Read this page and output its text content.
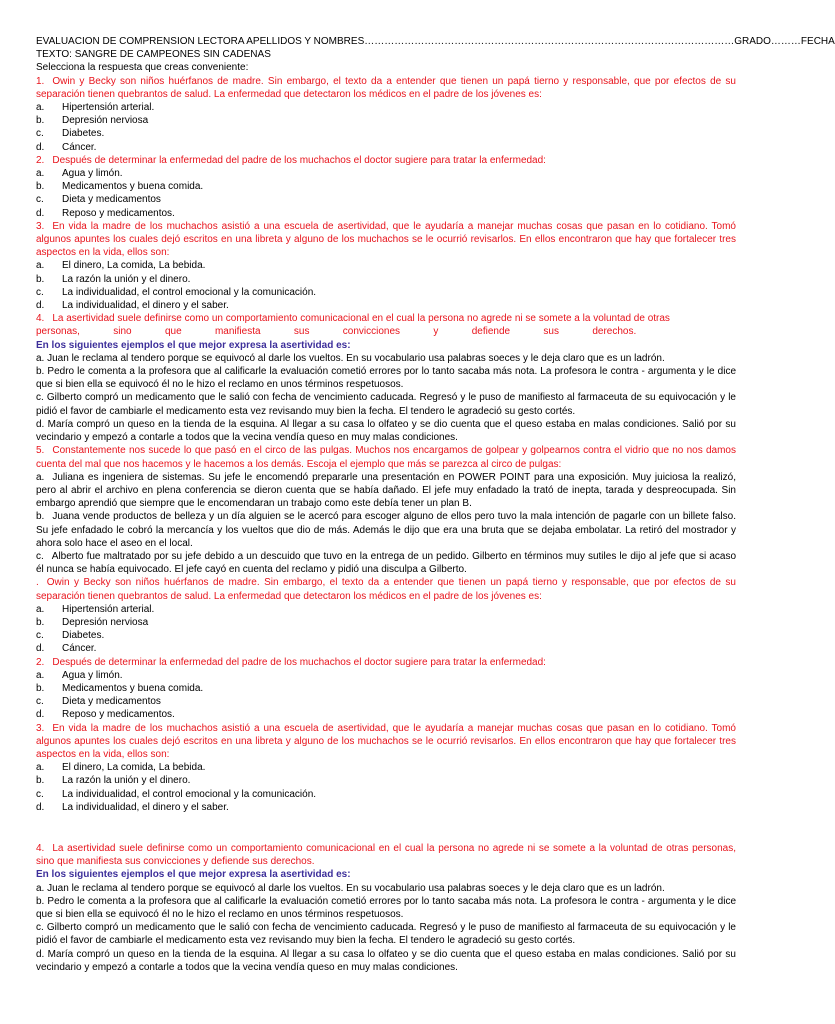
EVALUACION DE COMPRENSION LECTORA APELLIDOS Y NOMBRES…………………………………………………………………………………………………GRADO………FECHA
TEXTO: SANGRE DE CAMPEONES SIN CADENAS
Selecciona la respuesta que creas conveniente:
1. Owin y Becky son niños huérfanos de madre. Sin embargo, el texto da a entender que tienen un papá tierno y responsable, que por efectos de su separación tienen quebrantos de salud. La enfermedad que detectaron los médicos en el padre de los jóvenes es:
a.	Hipertensión arterial.
b.	Depresión nerviosa
c.	Diabetes.
d.	Cáncer.
2. Después de determinar la enfermedad del padre de los muchachos el doctor sugiere para tratar la enfermedad:
a.	Agua y limón.
b.	Medicamentos y buena comida.
c.	Dieta y medicamentos
d.	Reposo y medicamentos.
3. En vida la madre de los muchachos asistió a una escuela de asertividad, que le ayudaría a manejar muchas cosas que pasan en lo cotidiano. Tomó algunos apuntes los cuales dejó escritos en una libreta y alguno de los muchachos se le ocurrió revisarlos. En ellos encontraron que hay que fortalecer tres aspectos en la vida, ellos son:
a.	El dinero, La comida, La bebida.
b.	La razón la unión y el dinero.
c.	La individualidad, el control emocional y la comunicación.
d.	La individualidad, el dinero y el saber.
4. La asertividad suele definirse como un comportamiento comunicacional en el cual la persona no agrede ni se somete a la voluntad de otras
personas,            sino            que            manifiesta            sus            convicciones            y            defiende            sus            derechos.
En los siguientes ejemplos el que mejor expresa la asertividad es:
a. Juan le reclama al tendero porque se equivocó al darle los vueltos. En su vocabulario usa palabras soeces y le deja claro que es un ladrón.
b. Pedro le comenta a la profesora que al calificarle la evaluación cometió errores por lo tanto sacaba más nota. La profesora le contra - argumenta y le dice que si bien ella se equivocó él no le hizo el reclamo en unos términos respetuosos.
c. Gilberto compró un medicamento que le salió con fecha de vencimiento caducada. Regresó y le puso de manifiesto al farmaceuta de su equivocación y le pidió el favor de cambiarle el medicamento esta vez revisando muy bien la fecha. El tendero le agradeció su gesto cortés.
d. María compró un queso en la tienda de la esquina. Al llegar a su casa lo olfateo y se dio cuenta que el queso estaba en malas condiciones. Salió por su vecindario y empezó a contarle a todos que la vecina vendía queso en muy malas condiciones.
5. Constantemente nos sucede lo que pasó en el circo de las pulgas. Muchos nos encargamos de golpear y golpearnos contra el vidrio que no nos damos cuenta del mal que nos hacemos y le hacemos a los demás. Escoja el ejemplo que más se parezca al circo de pulgas:
a. Juliana es ingeniera de sistemas. Su jefe le encomendó prepararle una presentación en POWER POINT para una exposición. Muy juiciosa la realizó, pero al abrir el archivo en plena conferencia se dieron cuenta que se había dañado. El jefe muy enfadado la trató de inepta, tarada y despreocupada. Sin embargo aprendió que siempre que le encomendaran un trabajo como este debía tener un plan B.
b. Juana vende productos de belleza y un día alguien se le acercó para escoger alguno de ellos pero tuvo la mala intención de pagarle con un billete falso. Su jefe enfadado le cobró la mercancía y los vueltos que dio de más. Además le dijo que era una bruta que se dejaba embolatar. La retiró del mostrador y ahora solo hace el aseo en el local.
c. Alberto fue maltratado por su jefe debido a un descuido que tuvo en la entrega de un pedido. Gilberto en términos muy sutiles le dijo al jefe que si acaso él nunca se había equivocado. El jefe cayó en cuenta del reclamo y pidió una disculpa a Gilberto.
. Owin y Becky son niños huérfanos de madre. Sin embargo, el texto da a entender que tienen un papá tierno y responsable, que por efectos de su separación tienen quebrantos de salud. La enfermedad que detectaron los médicos en el padre de los jóvenes es:
a.	Hipertensión arterial.
b.	Depresión nerviosa
c.	Diabetes.
d.	Cáncer.
2. Después de determinar la enfermedad del padre de los muchachos el doctor sugiere para tratar la enfermedad:
a.	Agua y limón.
b.	Medicamentos y buena comida.
c.	Dieta y medicamentos
d.	Reposo y medicamentos.
3. En vida la madre de los muchachos asistió a una escuela de asertividad, que le ayudaría a manejar muchas cosas que pasan en lo cotidiano. Tomó algunos apuntes los cuales dejó escritos en una libreta y alguno de los muchachos se le ocurrió revisarlos. En ellos encontraron que hay que fortalecer tres aspectos en la vida, ellos son:
a.	El dinero, La comida, La bebida.
b.	La razón la unión y el dinero.
c.	La individualidad, el control emocional y la comunicación.
d.	La individualidad, el dinero y el saber.
4. La asertividad suele definirse como un comportamiento comunicacional en el cual la persona no agrede ni se somete a la voluntad de otras personas, sino que manifiesta sus convicciones y defiende sus derechos.
En los siguientes ejemplos el que mejor expresa la asertividad es:
a. Juan le reclama al tendero porque se equivocó al darle los vueltos. En su vocabulario usa palabras soeces y le deja claro que es un ladrón.
b. Pedro le comenta a la profesora que al calificarle la evaluación cometió errores por lo tanto sacaba más nota. La profesora le contra - argumenta y le dice que si bien ella se equivocó él no le hizo el reclamo en unos términos respetuosos.
c. Gilberto compró un medicamento que le salió con fecha de vencimiento caducada. Regresó y le puso de manifiesto al farmaceuta de su equivocación y le pidió el favor de cambiarle el medicamento esta vez revisando muy bien la fecha. El tendero le agradeció su gesto cortés.
d. María compró un queso en la tienda de la esquina. Al llegar a su casa lo olfateo y se dio cuenta que el queso estaba en malas condiciones. Salió por su vecindario y empezó a contarle a todos que la vecina vendía queso en muy malas condiciones.
